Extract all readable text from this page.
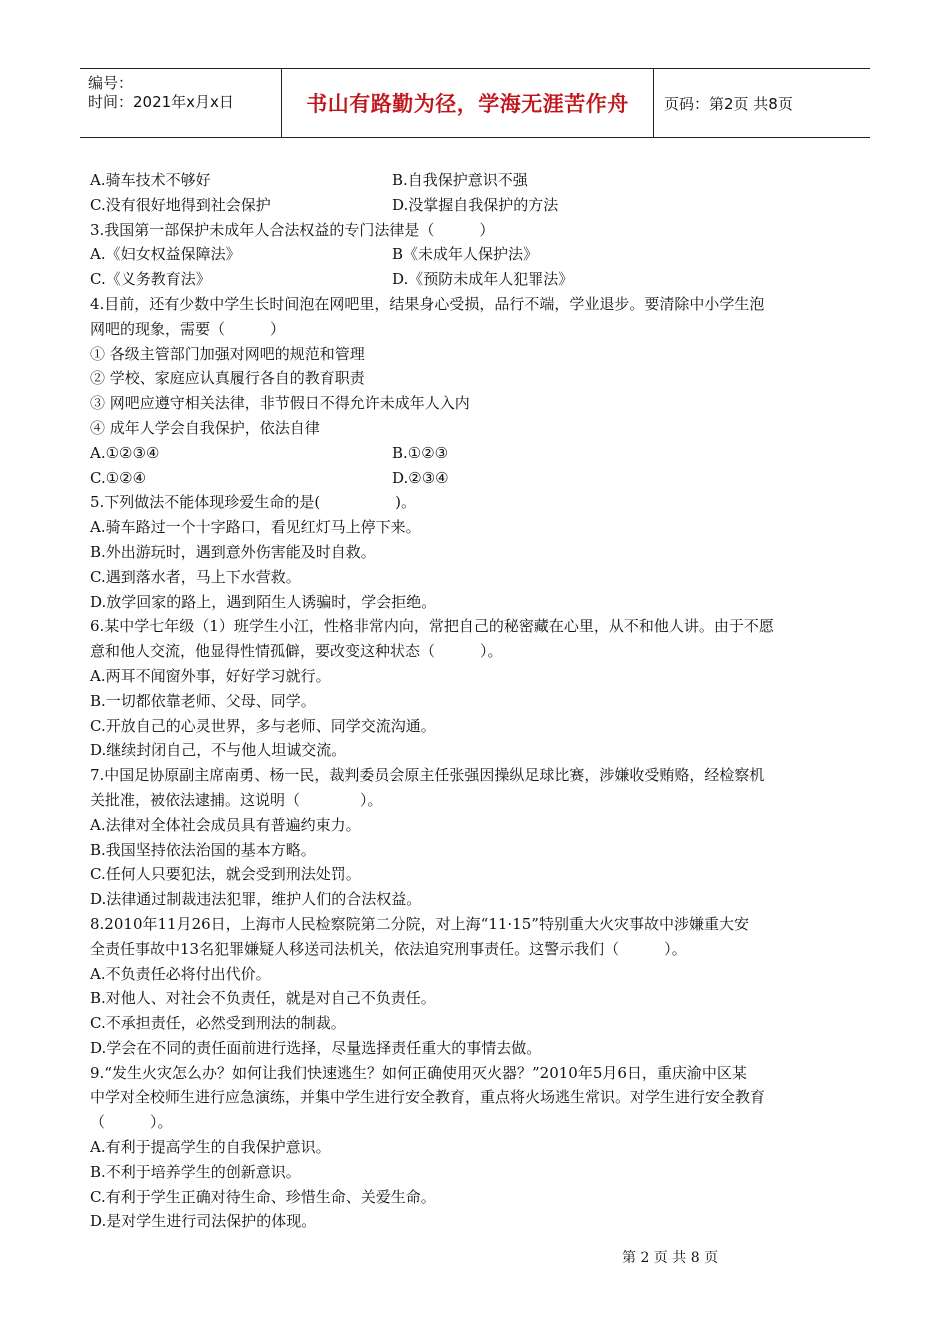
编号：
时间：2021年x月x日	书山有路勤为径，学海无涯苦作舟 页码：第2页 共8页
A.骑车技术不够好	B.自我保护意识不强
C.没有很好地得到社会保护	D.没掌握自我保护的方法
3.我国第一部保护未成年人合法权益的专门法律是（　　　）
A.《妇女权益保障法》	B《未成年人保护法》
C.《义务教育法》	D.《预防未成年人犯罪法》
4.目前，还有少数中学生长时间泡在网吧里，结果身心受损，品行不端，学业退步。要清除中小学生泡
网吧的现象，需要（　　　）
① 各级主管部门加强对网吧的规范和管理
② 学校、家庭应认真履行各自的教育职责
③ 网吧应遵守相关法律，非节假日不得允许未成年人入内
④ 成年人学会自我保护，依法自律
A.①②③④	B.①②③
C.①②④	D.②③④
5.下列做法不能体现珍爱生命的是(　　　　　)。
A.骑车路过一个十字路口，看见红灯马上停下来。
B.外出游玩时，遇到意外伤害能及时自救。
C.遇到落水者，马上下水营救。
D.放学回家的路上，遇到陌生人诱骗时，学会拒绝。
6.某中学七年级（1）班学生小江，性格非常内向，常把自己的秘密藏在心里，从不和他人讲。由于不愿
意和他人交流，他显得性情孤僻，要改变这种状态（　　　）。
A.两耳不闻窗外事，好好学习就行。
B.一切都依靠老师、父母、同学。
C.开放自己的心灵世界，多与老师、同学交流沟通。
D.继续封闭自己，不与他人坦诚交流。
7.中国足协原副主席南勇、杨一民，裁判委员会原主任张强因操纵足球比赛，涉嫌收受贿赂，经检察机
关批准，被依法逮捕。这说明（　　　　）。
A.法律对全体社会成员具有普遍约束力。
B.我国坚持依法治国的基本方略。
C.任何人只要犯法，就会受到刑法处罚。
D.法律通过制裁违法犯罪，维护人们的合法权益。
8.2010年11月26日，上海市人民检察院第二分院，对上海“11·15”特别重大火灾事故中涉嫌重大安
全责任事故中13名犯罪嫌疑人移送司法机关，依法追究刑事责任。这警示我们（　　　）。
A.不负责任必将付出代价。
B.对他人、对社会不负责任，就是对自己不负责任。
C.不承担责任，必然受到刑法的制裁。
D.学会在不同的责任面前进行选择，尽量选择责任重大的事情去做。
9.“发生火灾怎么办？如何让我们快速逃生？如何正确使用灭火器？”2010年5月6日，重庆渝中区某
中学对全校师生进行应急演练，并集中学生进行安全教育，重点将火场逃生常识。对学生进行安全教育
（　　　）。
A.有利于提高学生的自我保护意识。
B.不利于培养学生的创新意识。
C.有利于学生正确对待生命、珍惜生命、关爱生命。
D.是对学生进行司法保护的体现。
第 2 页 共 8 页
